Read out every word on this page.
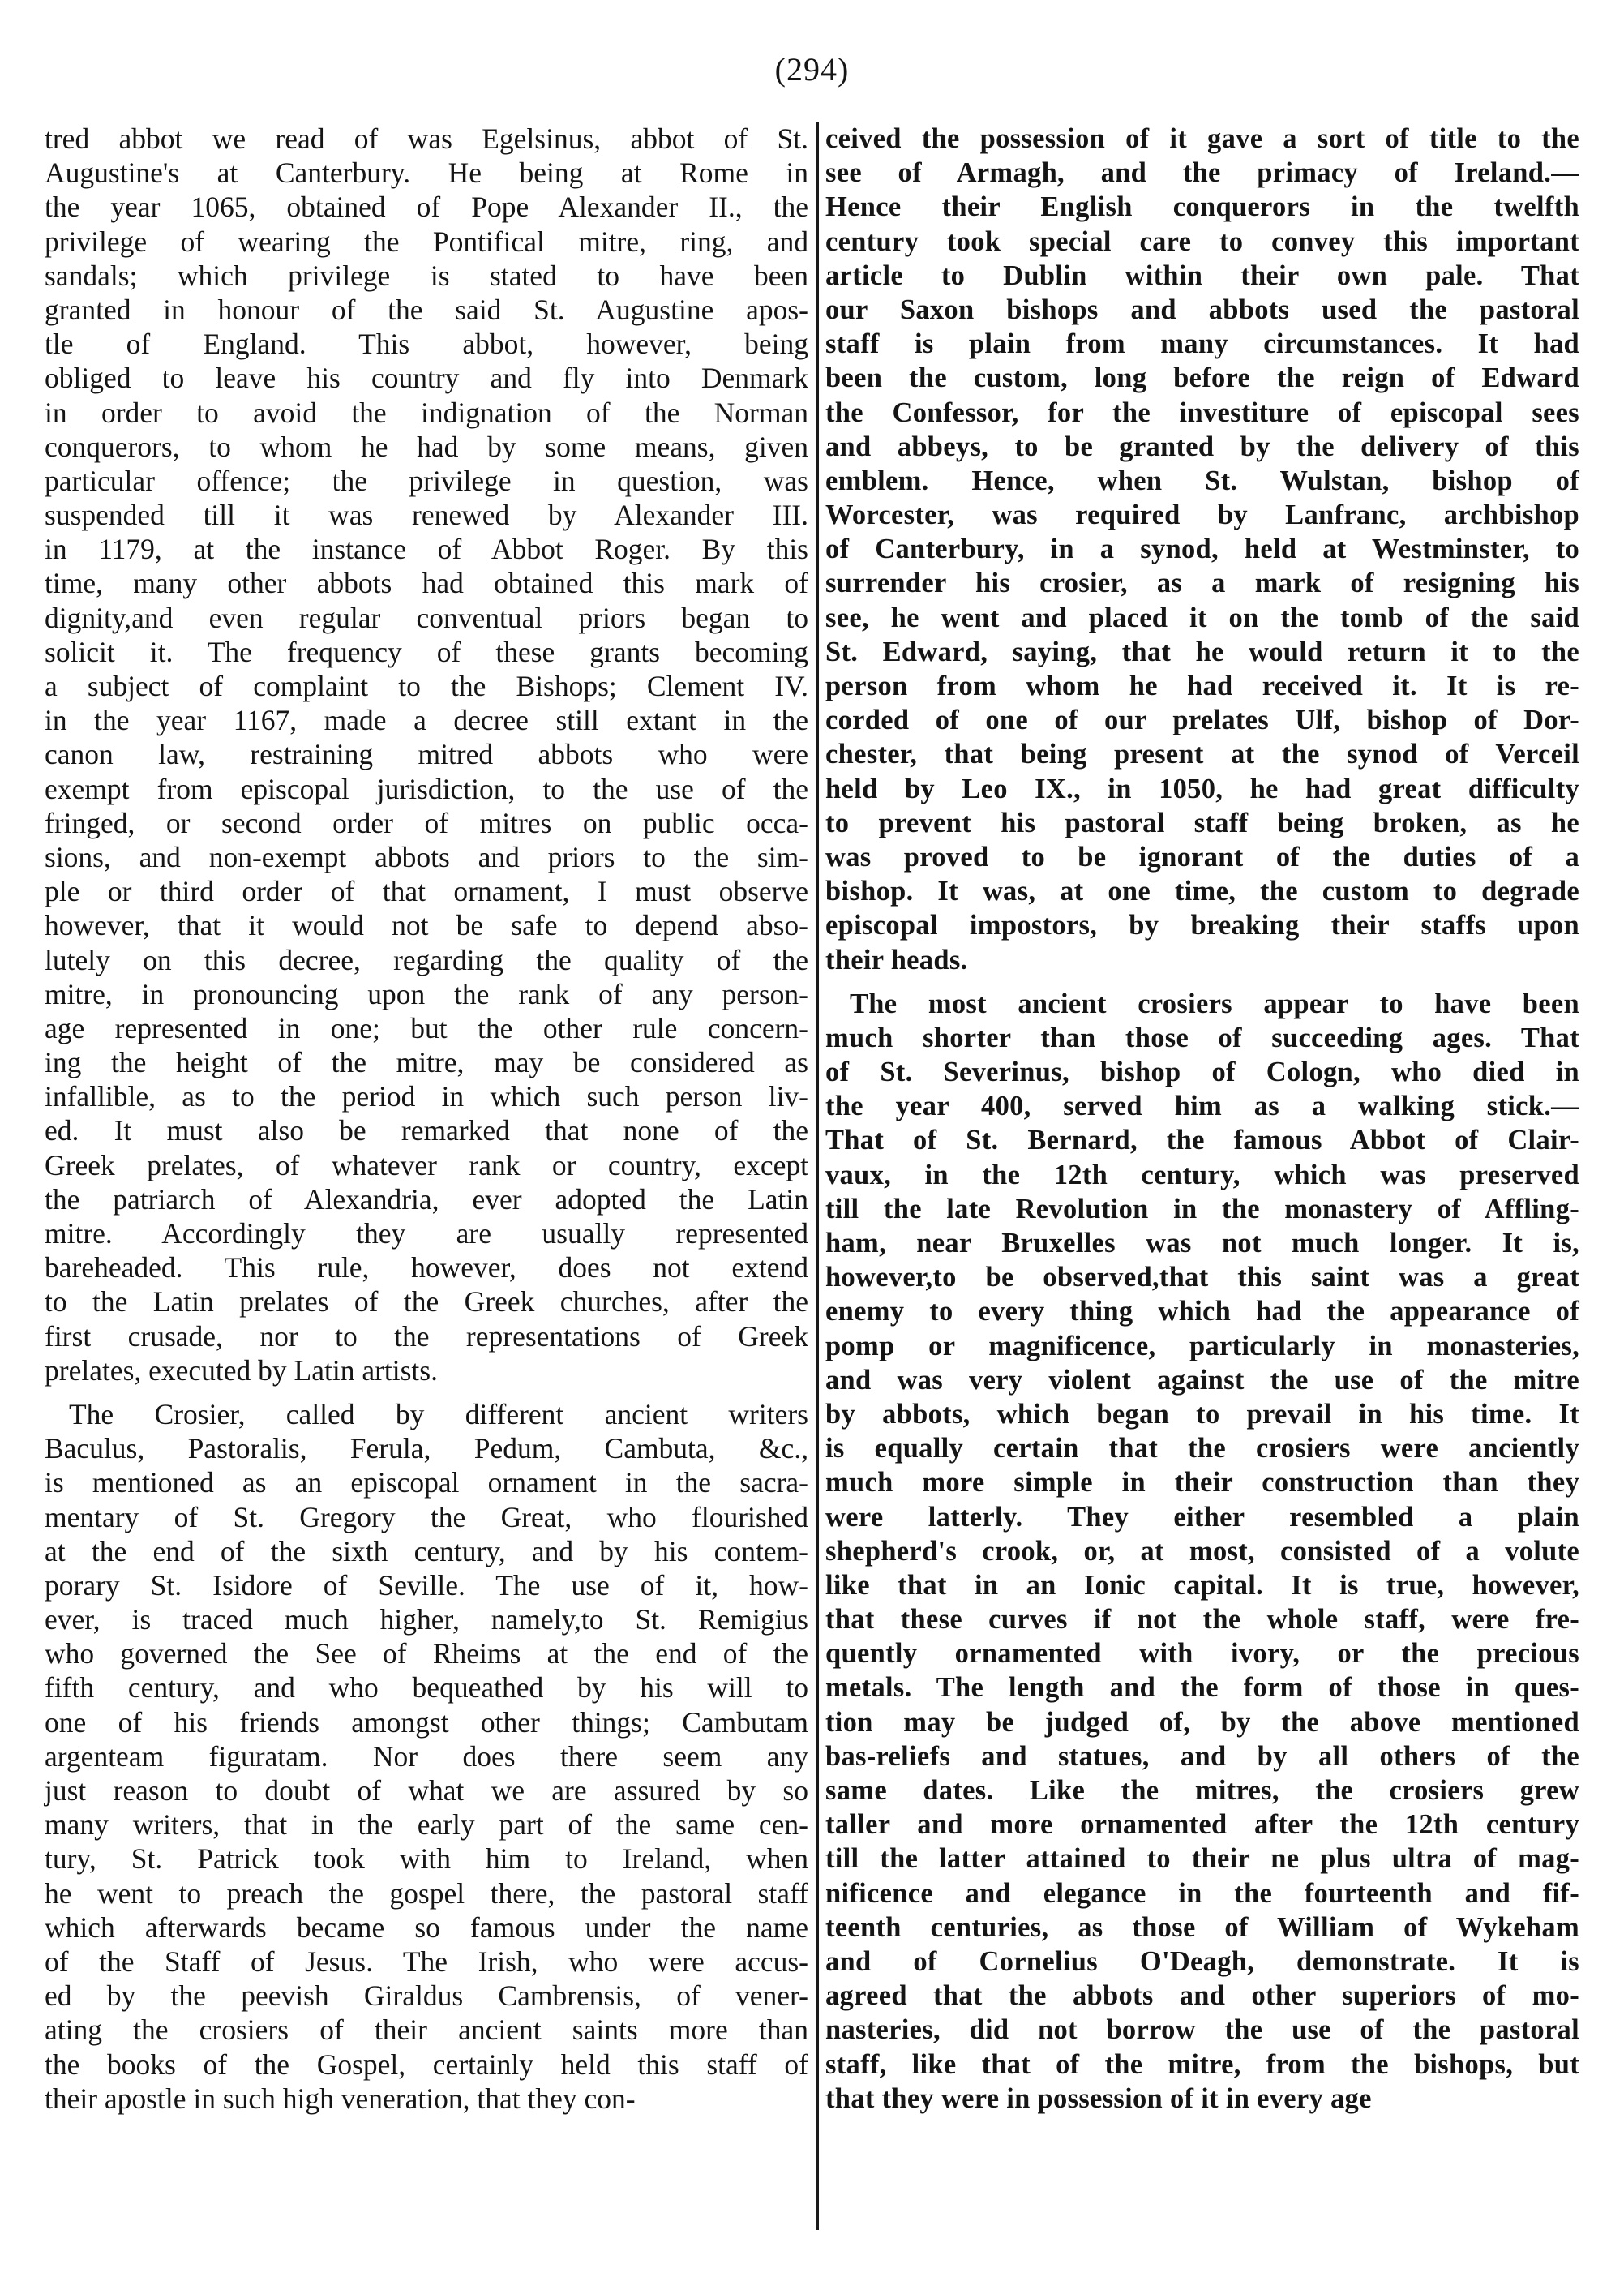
(294)
tred abbot we read of was Egelsinus, abbot of St.
Augustine's at Canterbury. He being at Rome in
the year 1065, obtained of Pope Alexander II., the
privilege of wearing the Pontifical mitre, ring, and
sandals; which privilege is stated to have been
granted in honour of the said St. Augustine apos-
tle of England. This abbot, however, being
obliged to leave his country and fly into Denmark
in order to avoid the indignation of the Norman
conquerors, to whom he had by some means, given
particular offence; the privilege in question, was
suspended till it was renewed by Alexander III.
in 1179, at the instance of Abbot Roger. By this
time, many other abbots had obtained this mark of
dignity,and even regular conventual priors began to
solicit it. The frequency of these grants becoming
a subject of complaint to the Bishops; Clement IV.
in the year 1167, made a decree still extant in the
canon law, restraining mitred abbots who were
exempt from episcopal jurisdiction, to the use of the
fringed, or second order of mitres on public occa-
sions, and non-exempt abbots and priors to the sim-
ple or third order of that ornament, I must observe
however, that it would not be safe to depend abso-
lutely on this decree, regarding the quality of the
mitre, in pronouncing upon the rank of any person-
age represented in one; but the other rule concern-
ing the height of the mitre, may be considered as
infallible, as to the period in which such person liv-
ed. It must also be remarked that none of the
Greek prelates, of whatever rank or country, except
the patriarch of Alexandria, ever adopted the Latin
mitre. Accordingly they are usually represented
bareheaded. This rule, however, does not extend
to the Latin prelates of the Greek churches, after the
first crusade, nor to the representations of Greek
prelates, executed by Latin artists.
The Crosier, called by different ancient writers
Baculus, Pastoralis, Ferula, Pedum, Cambuta, &c.,
is mentioned as an episcopal ornament in the sacra-
mentary of St. Gregory the Great, who flourished
at the end of the sixth century, and by his contem-
porary St. Isidore of Seville. The use of it, how-
ever, is traced much higher, namely,to St. Remigius
who governed the See of Rheims at the end of the
fifth century, and who bequeathed by his will to
one of his friends amongst other things; Cambutam
argenteam figuratam. Nor does there seem any
just reason to doubt of what we are assured by so
many writers, that in the early part of the same cen-
tury, St. Patrick took with him to Ireland, when
he went to preach the gospel there, the pastoral staff
which afterwards became so famous under the name
of the Staff of Jesus. The Irish, who were accus-
ed by the peevish Giraldus Cambrensis, of vener-
ating the crosiers of their ancient saints more than
the books of the Gospel, certainly held this staff of
their apostle in such high veneration, that they con-
ceived the possession of it gave a sort of title to the
see of Armagh, and the primacy of Ireland.—
Hence their English conquerors in the twelfth
century took special care to convey this important
article to Dublin within their own pale. That
our Saxon bishops and abbots used the pastoral
staff is plain from many circumstances. It had
been the custom, long before the reign of Edward
the Confessor, for the investiture of episcopal sees
and abbeys, to be granted by the delivery of this
emblem. Hence, when St. Wulstan, bishop of
Worcester, was required by Lanfranc, archbishop
of Canterbury, in a synod, held at Westminster, to
surrender his crosier, as a mark of resigning his
see, he went and placed it on the tomb of the said
St. Edward, saying, that he would return it to the
person from whom he had received it. It is re-
corded of one of our prelates Ulf, bishop of Dor-
chester, that being present at the synod of Verceil
held by Leo IX., in 1050, he had great difficulty
to prevent his pastoral staff being broken, as he
was proved to be ignorant of the duties of a
bishop. It was, at one time, the custom to degrade
episcopal impostors, by breaking their staffs upon
their heads.
The most ancient crosiers appear to have been
much shorter than those of succeeding ages. That
of St. Severinus, bishop of Cologn, who died in
the year 400, served him as a walking stick.—
That of St. Bernard, the famous Abbot of Clair-
vaux, in the 12th century, which was preserved
till the late Revolution in the monastery of Affling-
ham, near Bruxelles was not much longer. It is,
however,to be observed,that this saint was a great
enemy to every thing which had the appearance of
pomp or magnificence, particularly in monasteries,
and was very violent against the use of the mitre
by abbots, which began to prevail in his time. It
is equally certain that the crosiers were anciently
much more simple in their construction than they
were latterly. They either resembled a plain
shepherd's crook, or, at most, consisted of a volute
like that in an Ionic capital. It is true, however,
that these curves if not the whole staff, were fre-
quently ornamented with ivory, or the precious
metals. The length and the form of those in ques-
tion may be judged of, by the above mentioned
bas-reliefs and statues, and by all others of the
same dates. Like the mitres, the crosiers grew
taller and more ornamented after the 12th century
till the latter attained to their ne plus ultra of mag-
nificence and elegance in the fourteenth and fif-
teenth centuries, as those of William of Wykeham
and of Cornelius O'Deagh, demonstrate. It is
agreed that the abbots and other superiors of mo-
nasteries, did not borrow the use of the pastoral
staff, like that of the mitre, from the bishops, but
that they were in possession of it in every age
